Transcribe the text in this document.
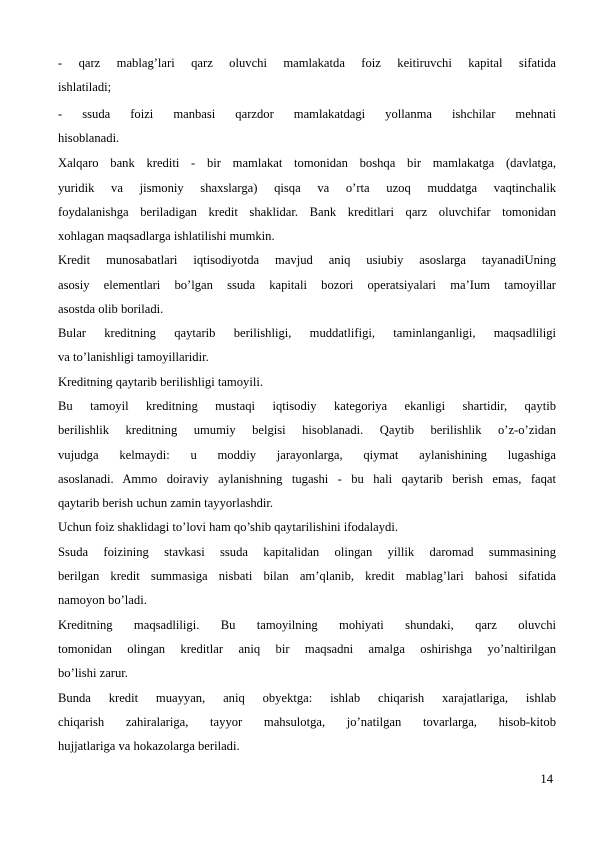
- qarz mablag’lari qarz oluvchi mamlakatda foiz keitiruvchi kapital sifatida
ishlatiladi;
- ssuda foizi manbasi qarzdor mamlakatdagi yollanma ishchilar mehnati
hisoblanadi.
Xalqaro bank krediti - bir mamlakat tomonidan boshqa bir mamlakatga (davlatga,
yuridik va jismoniy shaxslarga) qisqa va o’rta uzoq muddatga vaqtinchalik
foydalanishga beriladigan kredit shaklidar. Bank kreditlari qarz oluvchifar tomonidan
xohlagan maqsadlarga ishlatilishi mumkin.
Kredit munosabatlari iqtisodiyotda mavjud aniq usiubiy asoslarga tayanadiUning
asosiy elementlari bo’lgan ssuda kapitali bozori operatsiyalari ma’Ium tamoyillar
asostda olib boriladi.
Bular kreditning qaytarib berilishligi, muddatlifigi, taminlanganligi, maqsadliligi
va to’lanishligi tamoyillaridir.
Kreditning qaytarib berilishligi tamoyili.
Bu tamoyil kreditning mustaqi iqtisodiy kategoriya ekanligi shartidir, qaytib
berilishlik kreditning umumiy belgisi hisoblanadi. Qaytib berilishlik o’z-o’zidan
vujudga kelmaydi: u moddiy jarayonlarga, qiymat aylanishining lugashiga
asoslanadi. Ammo doiraviy aylanishning tugashi - bu hali qaytarib berish emas, faqat
qaytarib berish uchun zamin tayyorlashdir.
Uchun foiz shaklidagi to’lovi ham qo’shib qaytarilishini ifodalaydi.
Ssuda foizining stavkasi ssuda kapitalidan olingan yillik daromad summasining
berilgan kredit summasiga nisbati bilan am’qlanib, kredit mablag’lari bahosi sifatida
namoyon bo’ladi.
Kreditning maqsadliligi. Bu tamoyilning mohiyati shundaki, qarz oluvchi
tomonidan olingan kreditlar aniq bir maqsadni amalga oshirishga yo’naltirilgan
bo’lishi zarur.
Bunda kredit muayyan, aniq obyektga: ishlab chiqarish xarajatlariga, ishlab
chiqarish zahiralariga, tayyor mahsulotga, jo’natilgan tovarlarga, hisob-kitob
hujjatlariga va hokazolarga beriladi.
14
